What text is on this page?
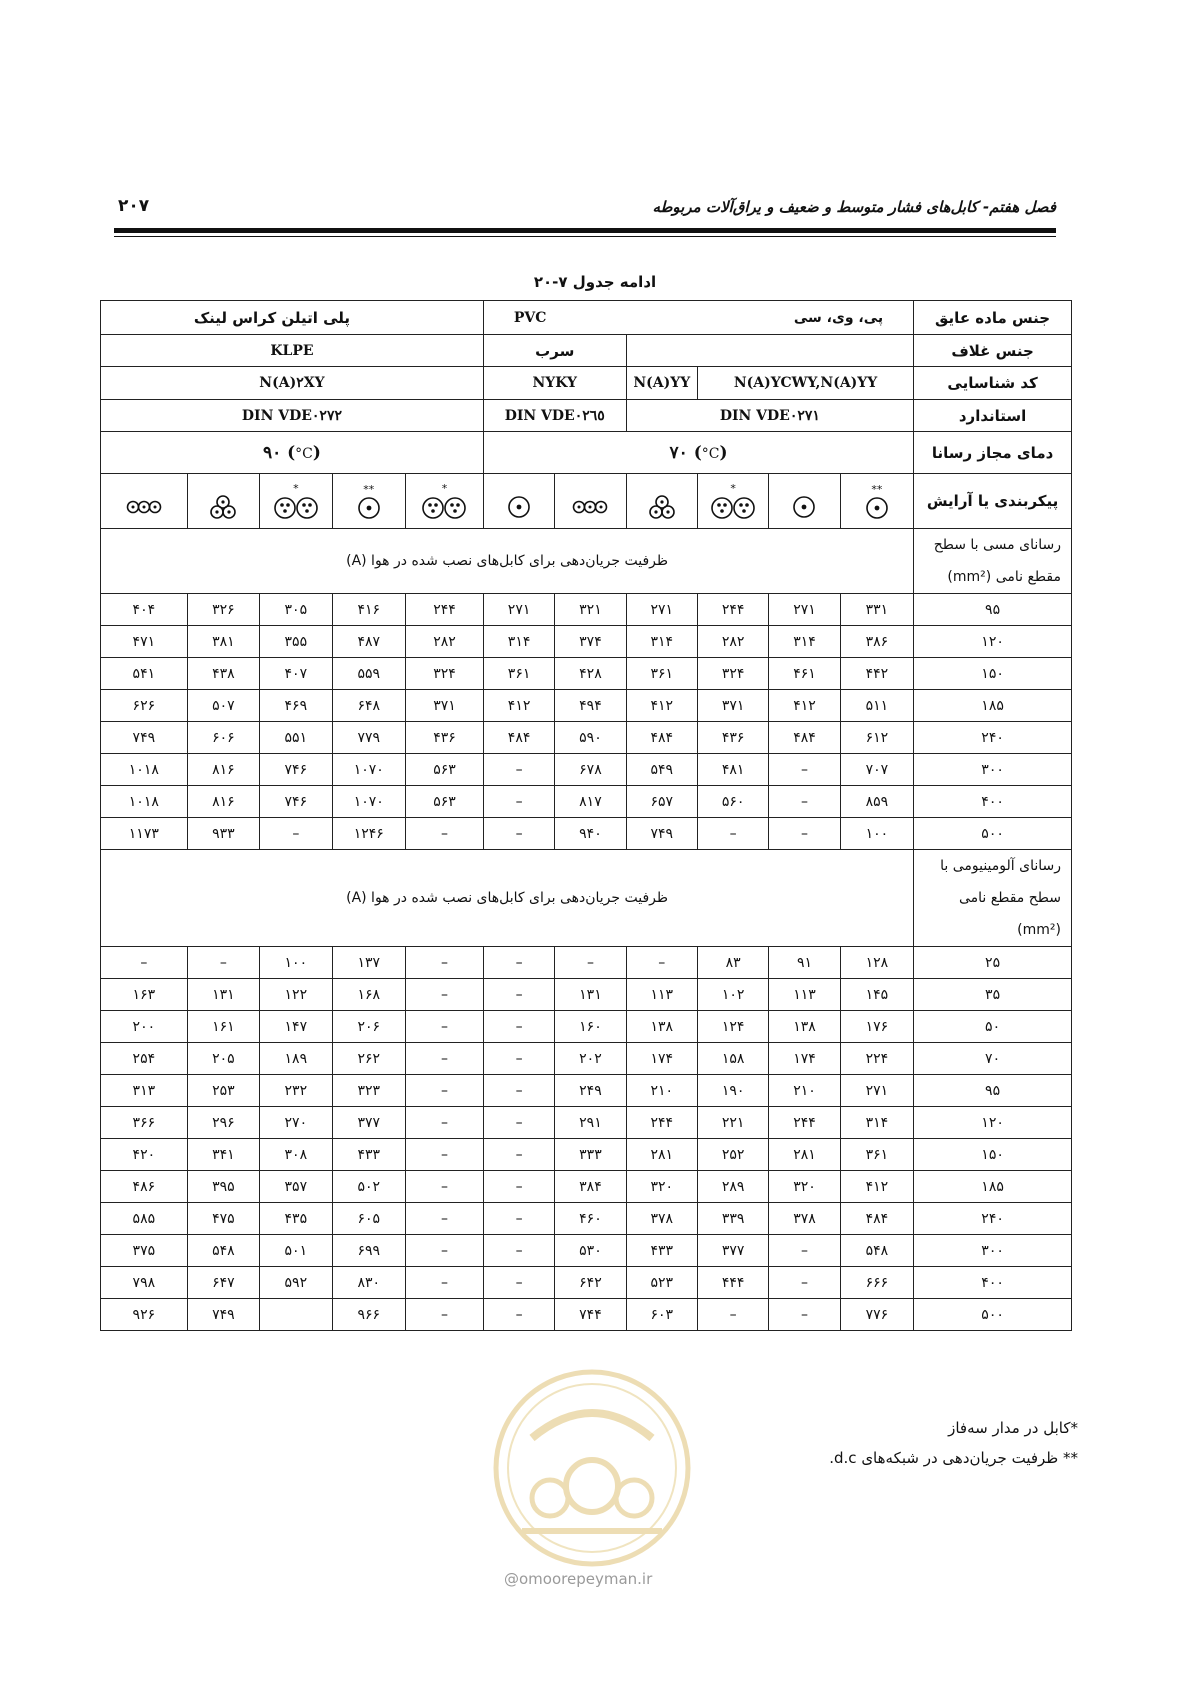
فصل هفتم- کابل‌های فشار متوسط و ضعیف و یراق‌آلات مربوطه
۲۰۷
ادامه جدول ۷-۲۰
جنس ماده عایق	پی، وی، سی
PVC						پلی اتیلن کراس لینک				
جنس غلاف					سرب		KLPE				
کد شناسایی	N(A)YCWY,N(A)YY			N(A)YY	NYKY		N(A)۲XY				
استاندارد	DIN VDE۰۲۷۱				DIN VDE۰۲٦٥		DIN VDE۰۲۷۲				
دمای مجاز رسانا	۷۰ (°C)						۹۰ (°C)				
پیکربندی یا آرایش	**		*				*	**	*

رسانای مسی با سطح مقطع نامی (mm²)	ظرفیت جریان‌دهی برای کابل‌های نصب شده در هوا (A)										
۹۵	۳۳۱	۲۷۱	۲۴۴	۲۷۱	۳۲۱	۲۷۱	۲۴۴	۴۱۶	۳۰۵	۳۲۶	۴۰۴
۱۲۰	۳۸۶	۳۱۴	۲۸۲	۳۱۴	۳۷۴	۳۱۴	۲۸۲	۴۸۷	۳۵۵	۳۸۱	۴۷۱
۱۵۰	۴۴۲	۴۶۱	۳۲۴	۳۶۱	۴۲۸	۳۶۱	۳۲۴	۵۵۹	۴۰۷	۴۳۸	۵۴۱
۱۸۵	۵۱۱	۴۱۲	۳۷۱	۴۱۲	۴۹۴	۴۱۲	۳۷۱	۶۴۸	۴۶۹	۵۰۷	۶۲۶
۲۴۰	۶۱۲	۴۸۴	۴۳۶	۴۸۴	۵۹۰	۴۸۴	۴۳۶	۷۷۹	۵۵۱	۶۰۶	۷۴۹
۳۰۰	۷۰۷	–	۴۸۱	۵۴۹	۶۷۸	–	۵۶۳	۱۰۷۰	۷۴۶	۸۱۶	۱۰۱۸
۴۰۰	۸۵۹	–	۵۶۰	۶۵۷	۸۱۷	–	۵۶۳	۱۰۷۰	۷۴۶	۸۱۶	۱۰۱۸
۵۰۰	۱۰۰	–	–	۷۴۹	۹۴۰	–	–	۱۲۴۶	–	۹۳۳	۱۱۷۳
رسانای آلومینیومی با سطح مقطع نامی (mm²)	ظرفیت جریان‌دهی برای کابل‌های نصب شده در هوا (A)										
۲۵	۱۲۸	۹۱	۸۳	–	–	–	–	۱۳۷	۱۰۰	–	–
۳۵	۱۴۵	۱۱۳	۱۰۲	۱۱۳	۱۳۱	–	–	۱۶۸	۱۲۲	۱۳۱	۱۶۳
۵۰	۱۷۶	۱۳۸	۱۲۴	۱۳۸	۱۶۰	–	–	۲۰۶	۱۴۷	۱۶۱	۲۰۰
۷۰	۲۲۴	۱۷۴	۱۵۸	۱۷۴	۲۰۲	–	–	۲۶۲	۱۸۹	۲۰۵	۲۵۴
۹۵	۲۷۱	۲۱۰	۱۹۰	۲۱۰	۲۴۹	–	–	۳۲۳	۲۳۲	۲۵۳	۳۱۳
۱۲۰	۳۱۴	۲۴۴	۲۲۱	۲۴۴	۲۹۱	–	–	۳۷۷	۲۷۰	۲۹۶	۳۶۶
۱۵۰	۳۶۱	۲۸۱	۲۵۲	۲۸۱	۳۳۳	–	–	۴۳۳	۳۰۸	۳۴۱	۴۲۰
۱۸۵	۴۱۲	۳۲۰	۲۸۹	۳۲۰	۳۸۴	–	–	۵۰۲	۳۵۷	۳۹۵	۴۸۶
۲۴۰	۴۸۴	۳۷۸	۳۳۹	۳۷۸	۴۶۰	–	–	۶۰۵	۴۳۵	۴۷۵	۵۸۵
۳۰۰	۵۴۸	–	۳۷۷	۴۳۳	۵۳۰	–	–	۶۹۹	۵۰۱	۵۴۸	۳۷۵
۴۰۰	۶۶۶	–	۴۴۴	۵۲۳	۶۴۲	–	–	۸۳۰	۵۹۲	۶۴۷	۷۹۸
۵۰۰	۷۷۶	–	–	۶۰۳	۷۴۴	–	–	۹۶۶		۷۴۹	۹۲۶
*کابل در مدار سه‌فاز
** ظرفیت جریان‌دهی در شبکه‌های d.c.
@omoorepeyman.ir
